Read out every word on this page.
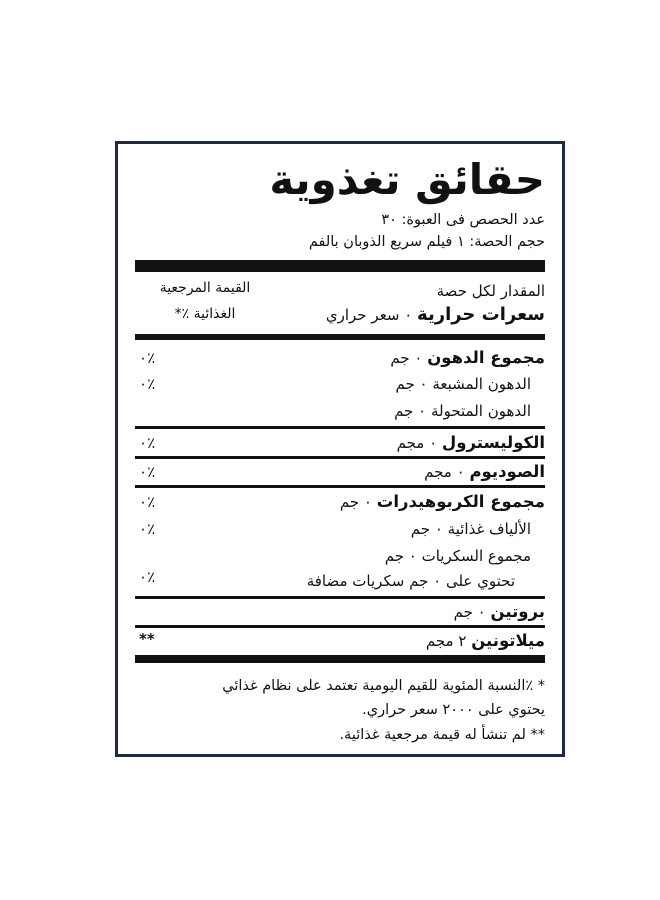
حقائق تغذوية
عدد الحصص فى العبوة: ٣٠
حجم الحصة: ١ فيلم سريع الذوبان بالفم
المقدار لكل حصة
القيمة المرجعية
الغذائية ٪*	سعرات حرارية ٠ سعر حراري
مجموع الدهون ٠ جم
٠٪
الدهون المشبعة ٠ جم
٠٪
الدهون المتحولة ٠ جم
الكوليسترول ٠ مجم
٠٪
الصوديوم ٠ مجم
٠٪
مجموع الكربوهيدرات ٠ جم
٠٪
الألياف غذائية ٠ جم
٠٪
مجموع السكريات ٠ جم
تحتوي على ٠ جم سكريات مضافة
٠٪
بروتين ٠ جم
ميلاتونين ٢ مجم
**
* ٪النسبة المئوية للقيم اليومية تعتمد على نظام غذائي
يحتوي على ٢٠٠٠ سعر حراري.
** لم تنشأ له قيمة مرجعية غذائية.
